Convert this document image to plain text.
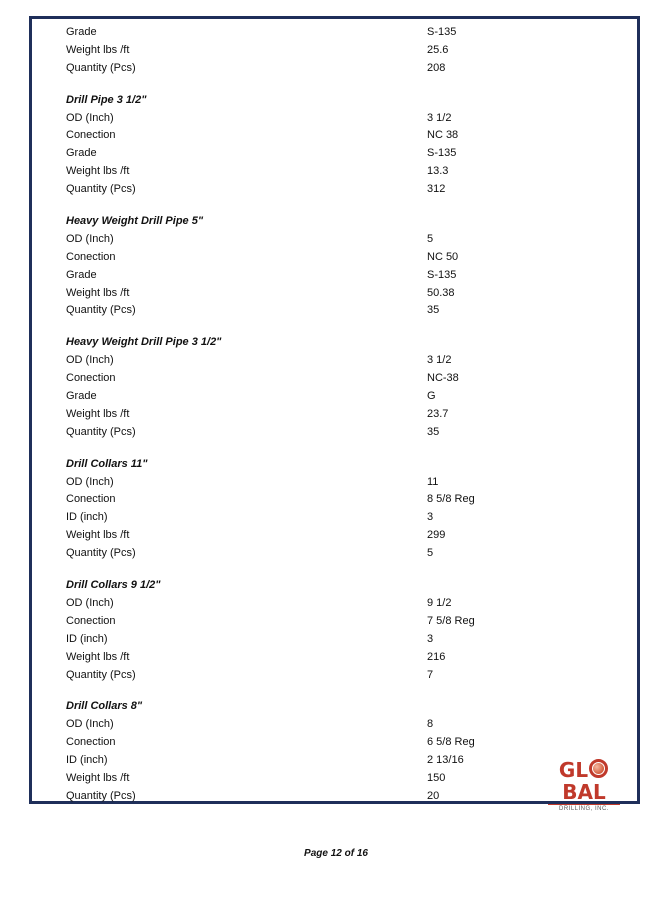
Grade	S-135
Weight lbs /ft	25.6
Quantity (Pcs)	208
Drill Pipe 3 1/2"
OD (Inch)	3 1/2
Conection	NC 38
Grade	S-135
Weight lbs /ft	13.3
Quantity (Pcs)	312
Heavy Weight Drill Pipe 5"
OD (Inch)	5
Conection	NC 50
Grade	S-135
Weight lbs /ft	50.38
Quantity (Pcs)	35
Heavy Weight Drill Pipe 3 1/2"
OD (Inch)	3 1/2
Conection	NC-38
Grade	G
Weight lbs /ft	23.7
Quantity (Pcs)	35
Drill Collars 11"
OD (Inch)	11
Conection	8 5/8 Reg
ID (inch)	3
Weight lbs /ft	299
Quantity (Pcs)	5
Drill Collars 9 1/2"
OD (Inch)	9 1/2
Conection	7 5/8 Reg
ID (inch)	3
Weight lbs /ft	216
Quantity (Pcs)	7
Drill Collars 8"
OD (Inch)	8
Conection	6 5/8 Reg
ID (inch)	2 13/16
Weight lbs /ft	150
Quantity (Pcs)	20
GLBAL
DRILLING, INC.
Page 12 of 16
